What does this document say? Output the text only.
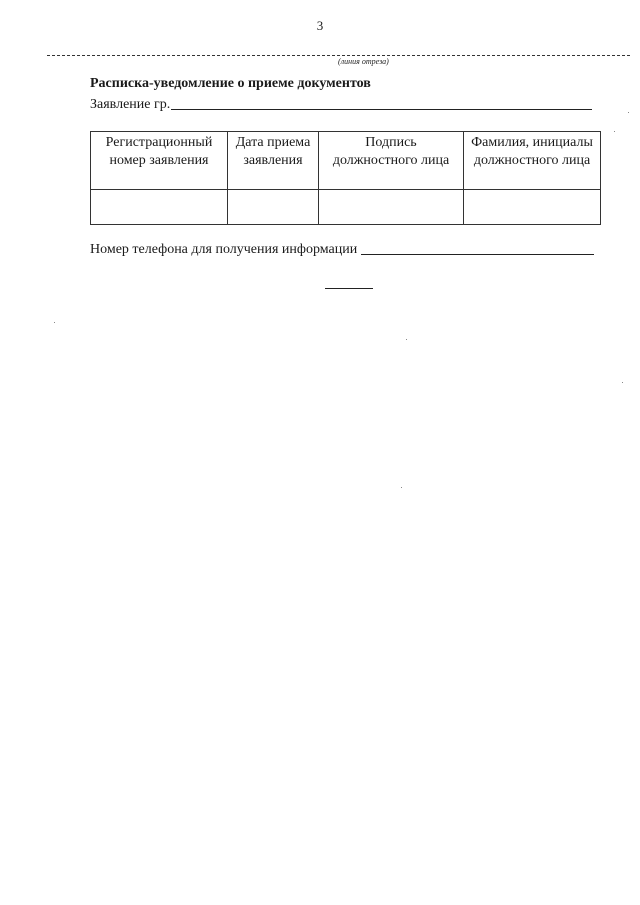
3
(линия отреза)
Расписка-уведомление о приеме документов
Заявление гр.
Регистрационный номер заявления	Дата приема заявления	Подпись должностного лица	Фамилия, инициалы должностного лица

Номер телефона для получения информации
